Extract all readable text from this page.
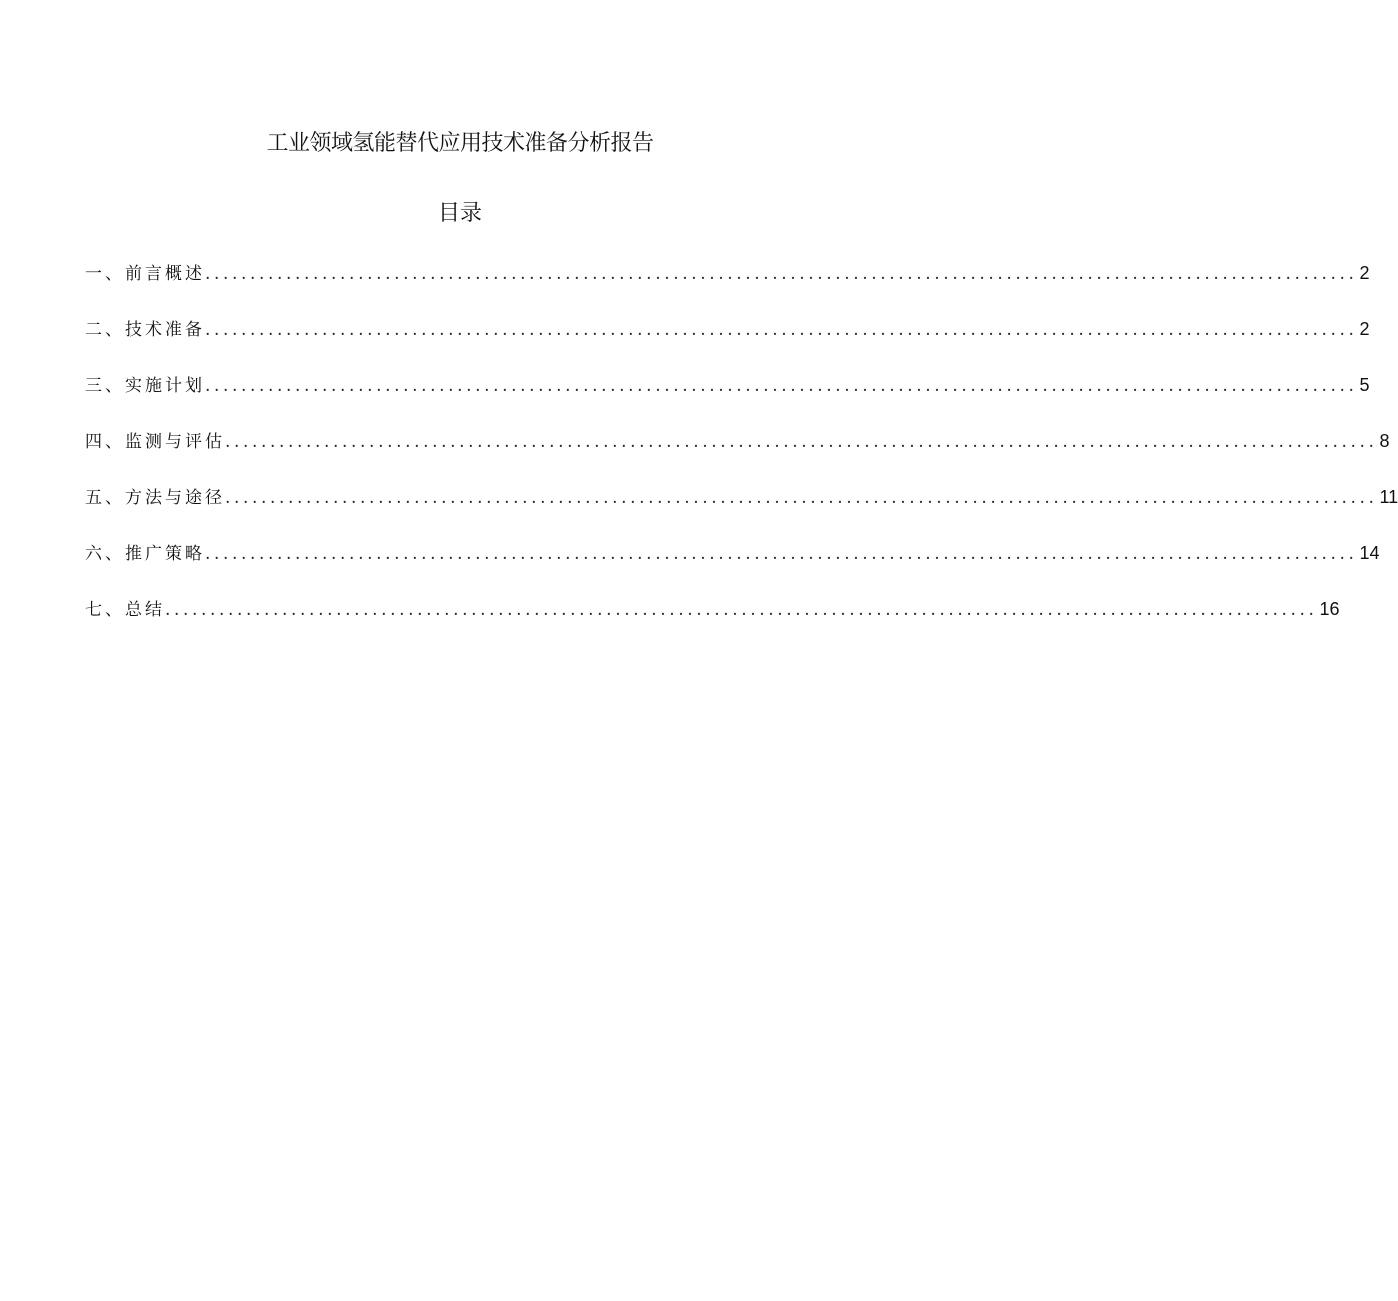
工业领域氢能替代应用技术准备分析报告
目录
一、前言概述 ................................................................................................................................ 2
二、技术准备 ................................................................................................................................ 2
三、实施计划 ................................................................................................................................ 5
四、监测与评估 ................................................................................................................................ 8
五、方法与途径 ................................................................................................................................ 11
六、推广策略 ................................................................................................................................ 14
七、总结 ................................................................................................................................ 16
